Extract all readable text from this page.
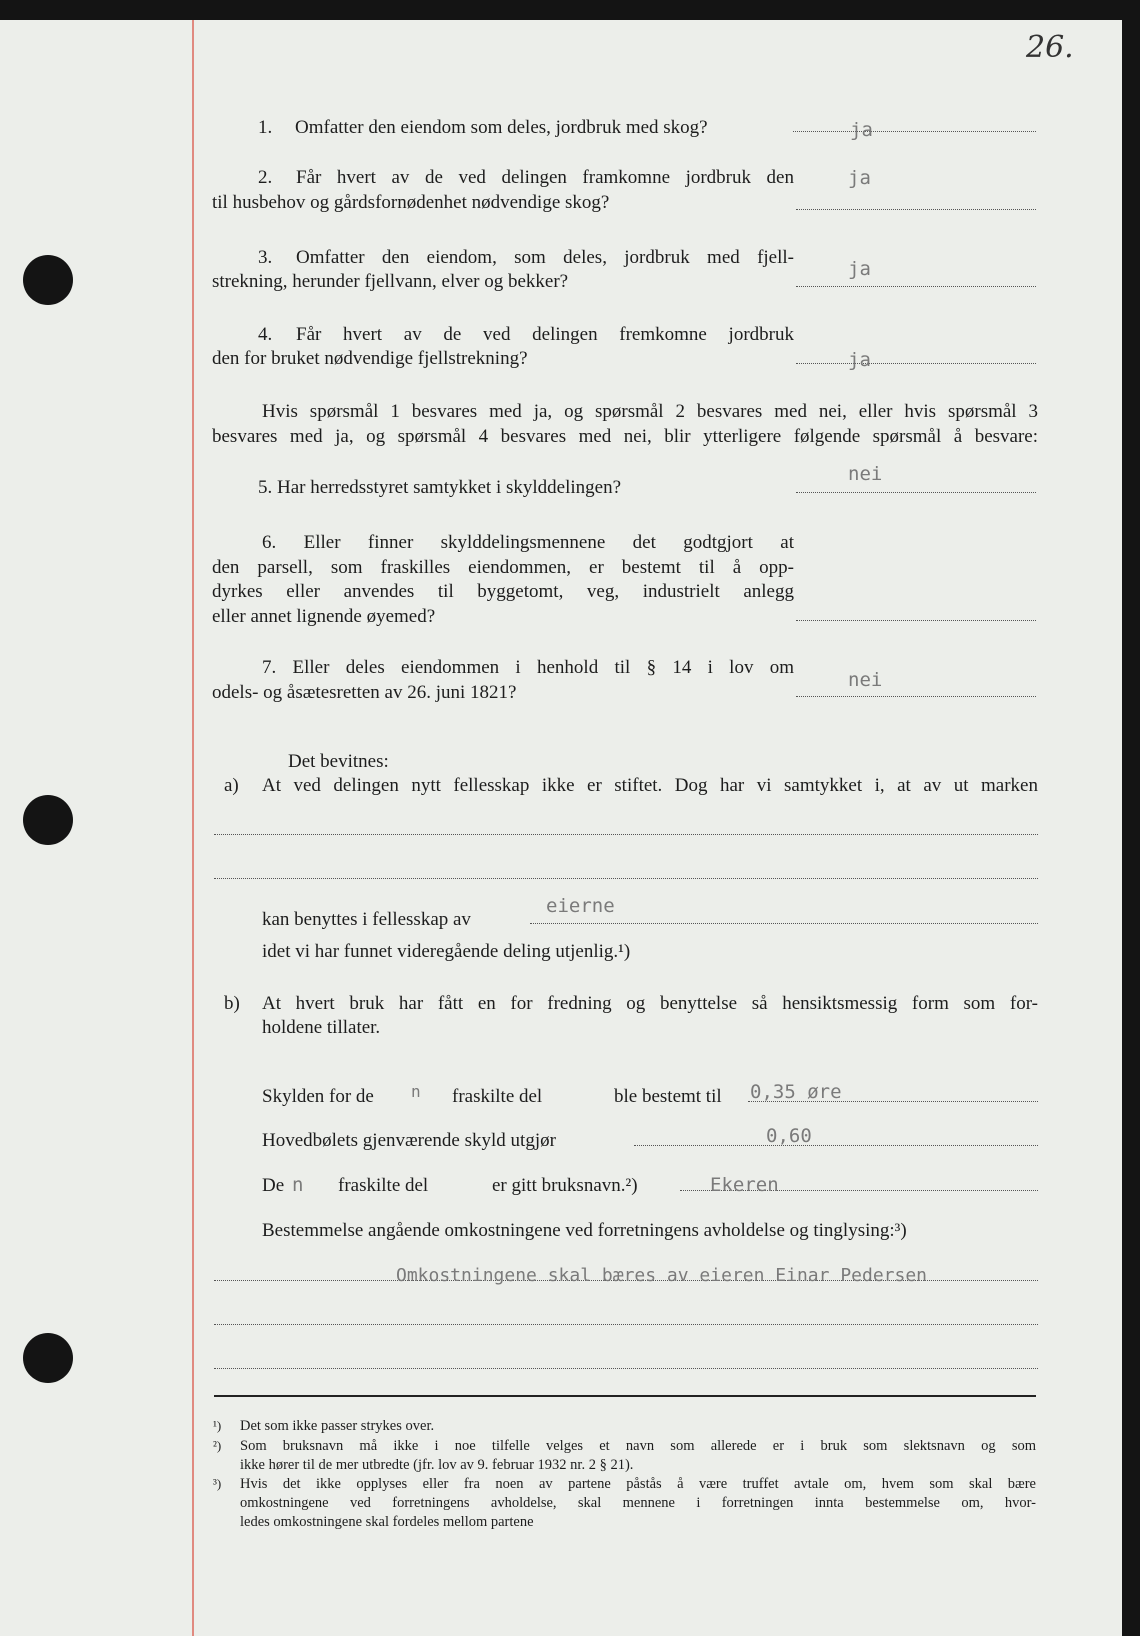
26.
1. Omfatter den eiendom som deles, jordbruk med skog?	ja
2. Får hvert av de ved delingen framkomne jordbruk den
til husbehov og gårdsfornødenhet nødvendige skog?
ja
3. Omfatter den eiendom, som deles, jordbruk med fjell-
strekning, herunder fjellvann, elver og bekker?
ja
4. Får hvert av de ved delingen fremkomne jordbruk
den for bruket nødvendige fjellstrekning?	ja
Hvis spørsmål 1 besvares med ja, og spørsmål 2 besvares med nei, eller hvis spørsmål 3
besvares med ja, og spørsmål 4 besvares med nei, blir ytterligere følgende spørsmål å besvare:
5. Har herredsstyret samtykket i skylddelingen?
nei
6. Eller finner skylddelingsmennene det godtgjort at
den parsell, som fraskilles eiendommen, er bestemt til å opp-
dyrkes eller anvendes til byggetomt, veg, industrielt anlegg
eller annet lignende øyemed?
7. Eller deles eiendommen i henhold til § 14 i lov om
odels- og åsætesretten av 26. juni 1821?
nei
Det bevitnes:
a) At ved delingen nytt fellesskap ikke er stiftet. Dog har vi samtykket i, at av ut marken
kan benyttes i fellesskap av
eierne
idet vi har funnet videregående deling utjenlig.¹)
b) At hvert bruk har fått en for fredning og benyttelse så hensiktsmessig form som for-
holdene tillater.
Skylden for de n fraskilte del	ble bestemt til 0,35 øre
Hovedbølets gjenværende skyld utgjør	0,60
De n fraskilte del	er gitt bruksnavn.²)	Ekeren
Bestemmelse angående omkostningene ved forretningens avholdelse og tinglysing:³)
Omkostningene skal bæres av eieren Einar Pedersen
¹) Det som ikke passer strykes over.
²) Som bruksnavn må ikke i noe tilfelle velges et navn som allerede er i bruk som slektsnavn og som
ikke hører til de mer utbredte (jfr. lov av 9. februar 1932 nr. 2 § 21).
³) Hvis det ikke opplyses eller fra noen av partene påstås å være truffet avtale om, hvem som skal bære
omkostningene ved forretningens avholdelse, skal mennene i forretningen innta bestemmelse om, hvor-
ledes omkostningene skal fordeles mellom partene
